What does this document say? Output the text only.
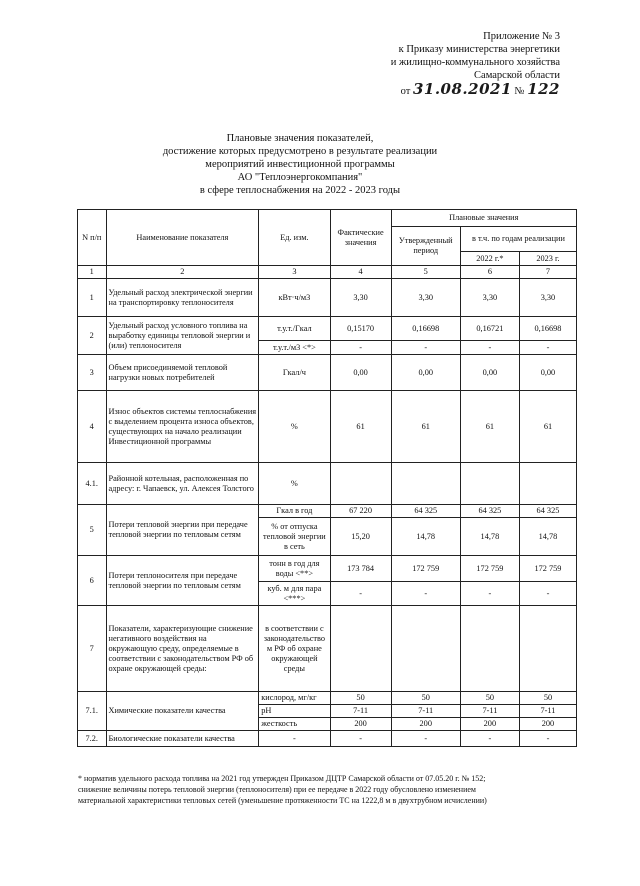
Приложение № 3
к Приказу министерства энергетики
и жилищно-коммунального хозяйства
Самарской области
от 31.08.2021 № 122
Плановые значения показателей,
достижение которых предусмотрено в результате реализации
мероприятий инвестиционной программы
АО "Теплоэнергокомпания"
в сфере теплоснабжения на 2022 - 2023 годы
N п/п	Наименование показателя	Ед. изм.	Фактические значения	Плановые значения		
				Утвержденный период	в т.ч. по годам реализации	
					2022 г.*	2023 г.
1	2	3	4	5	6	7
1	Удельный расход электрической энергии на транспортировку теплоносителя	кВт·ч/м3	3,30	3,30	3,30	3,30
2	Удельный расход условного топлива на выработку единицы тепловой энергии и (или) теплоносителя	т.у.т./Гкал	0,15170	0,16698	0,16721	0,16698
		т.у.т./м3 <*>	-	-	-	-
3	Объем присоединяемой тепловой нагрузки новых потребителей	Гкал/ч	0,00	0,00	0,00	0,00
4	Износ объектов системы теплоснабжения с выделением процента износа объектов, существующих на начало реализации Инвестиционной программы	%	61	61	61	61
4.1.	Районной котельная, расположенная по адресу: г. Чапаевск, ул. Алексея Толстого	%				
5	Потери тепловой энергии при передаче тепловой энергии по тепловым сетям	Гкал в год	67 220	64 325	64 325	64 325
		% от отпуска тепловой энергии в сеть	15,20	14,78	14,78	14,78
6	Потери теплоносителя при передаче тепловой энергии по тепловым сетям	тонн в год для воды <**>	173 784	172 759	172 759	172 759
		куб. м для пара <***>	-	-	-	-
7	Показатели, характеризующие снижение негативного воздействия на окружающую среду, определяемые в соответствии с законодательством РФ об охране окружающей среды:	в соответствии с законодательство м РФ об охране окружающей среды				
7.1.	Химические показатели качества	кислород, мг/кг	50	50	50	50
		pH	7-11	7-11	7-11	7-11
		жесткость	200	200	200	200
7.2.	Биологические показатели качества	-	-	-	-	-
* норматив удельного расхода топлива на 2021 год утвержден Приказом ДЦТР Самарской области от 07.05.20 г. № 152;
снижение величины потерь тепловой энергии (теплоносителя) при ее передаче в 2022 году обусловлено изменением
материальной характеристики тепловых сетей (уменьшение протяженности ТС на 1222,8 м в двухтрубном исчислении)
